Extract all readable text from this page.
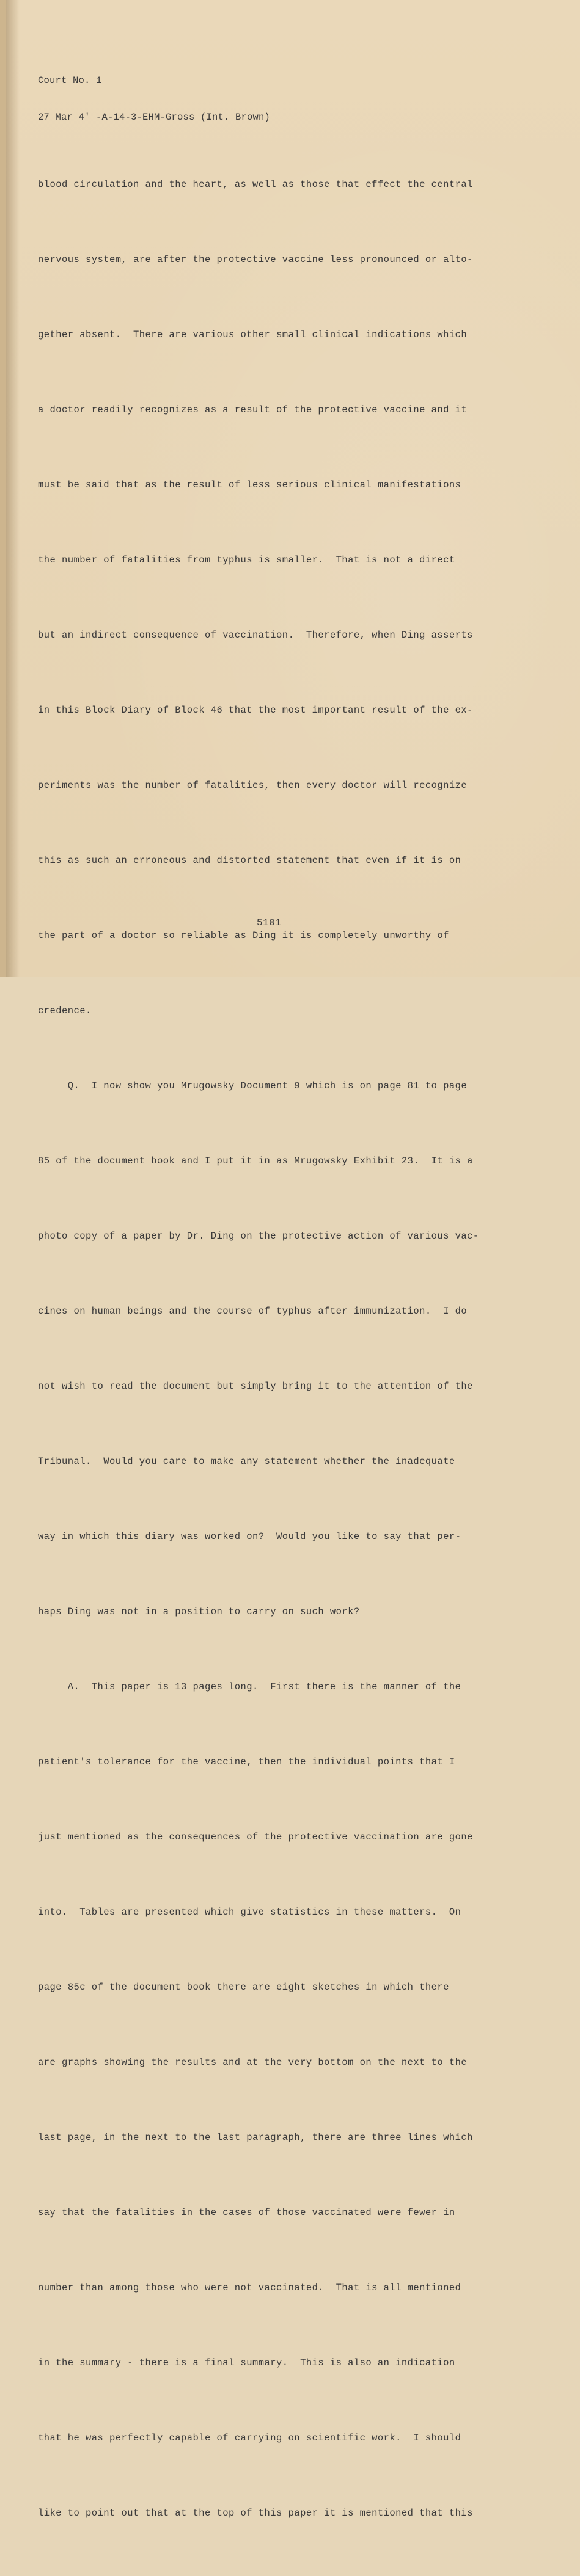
Court No. 1

27 Mar 4' -A-14-3-EHM-Gross (Int. Brown)

blood circulation and the heart, as well as those that effect the central

nervous system, are after the protective vaccine less pronounced or alto-

gether absent.  There are various other small clinical indications which

a doctor readily recognizes as a result of the protective vaccine and it

must be said that as the result of less serious clinical manifestations

the number of fatalities from typhus is smaller.  That is not a direct

but an indirect consequence of vaccination.  Therefore, when Ding asserts

in this Block Diary of Block 46 that the most important result of the ex-

periments was the number of fatalities, then every doctor will recognize

this as such an erroneous and distorted statement that even if it is on

the part of a doctor so reliable as Ding it is completely unworthy of

credence.

Q.  I now show you Mrugowsky Document 9 which is on page 81 to page

85 of the document book and I put it in as Mrugowsky Exhibit 23.  It is a

photo copy of a paper by Dr. Ding on the protective action of various vac-

cines on human beings and the course of typhus after immunization.  I do

not wish to read the document but simply bring it to the attention of the

Tribunal.  Would you care to make any statement whether the inadequate

way in which this diary was worked on?  Would you like to say that per-

haps Ding was not in a position to carry on such work?

A.  This paper is 13 pages long.  First there is the manner of the

patient's tolerance for the vaccine, then the individual points that I

just mentioned as the consequences of the protective vaccination are gone

into.  Tables are presented which give statistics in these matters.  On

page 85c of the document book there are eight sketches in which there

are graphs showing the results and at the very bottom on the next to the

last page, in the next to the last paragraph, there are three lines which

say that the fatalities in the cases of those vaccinated were fewer in

number than among those who were not vaccinated.  That is all mentioned

in the summary - there is a final summary.  This is also an indication

that he was perfectly capable of carrying on scientific work.  I should

like to point out that at the top of this paper it is mentioned that this

5101
